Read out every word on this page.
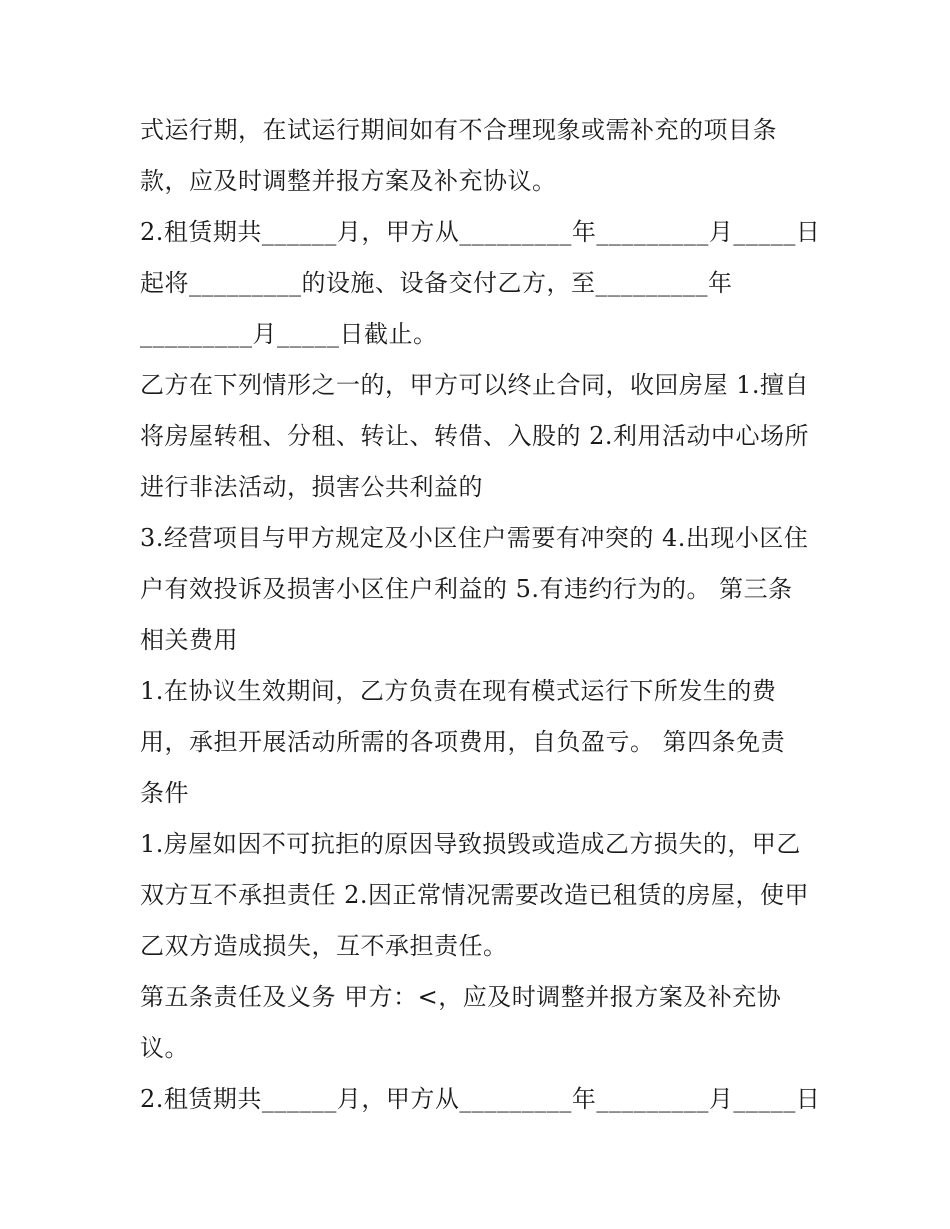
式运行期，在试运行期间如有不合理现象或需补充的项目条
款，应及时调整并报方案及补充协议。
2.租赁期共______月，甲方从_________年_________月_____日
起将_________的设施、设备交付乙方，至_________年
_________月_____日截止。
乙方在下列情形之一的，甲方可以终止合同，收回房屋 1.擅自
将房屋转租、分租、转让、转借、入股的 2.利用活动中心场所
进行非法活动，损害公共利益的
3.经营项目与甲方规定及小区住户需要有冲突的 4.出现小区住
户有效投诉及损害小区住户利益的 5.有违约行为的。 第三条
相关费用
1.在协议生效期间，乙方负责在现有模式运行下所发生的费
用，承担开展活动所需的各项费用，自负盈亏。 第四条免责
条件
1.房屋如因不可抗拒的原因导致损毁或造成乙方损失的，甲乙
双方互不承担责任 2.因正常情况需要改造已租赁的房屋，使甲
乙双方造成损失，互不承担责任。
第五条责任及义务 甲方：<，应及时调整并报方案及补充协
议。
2.租赁期共______月，甲方从_________年_________月_____日
